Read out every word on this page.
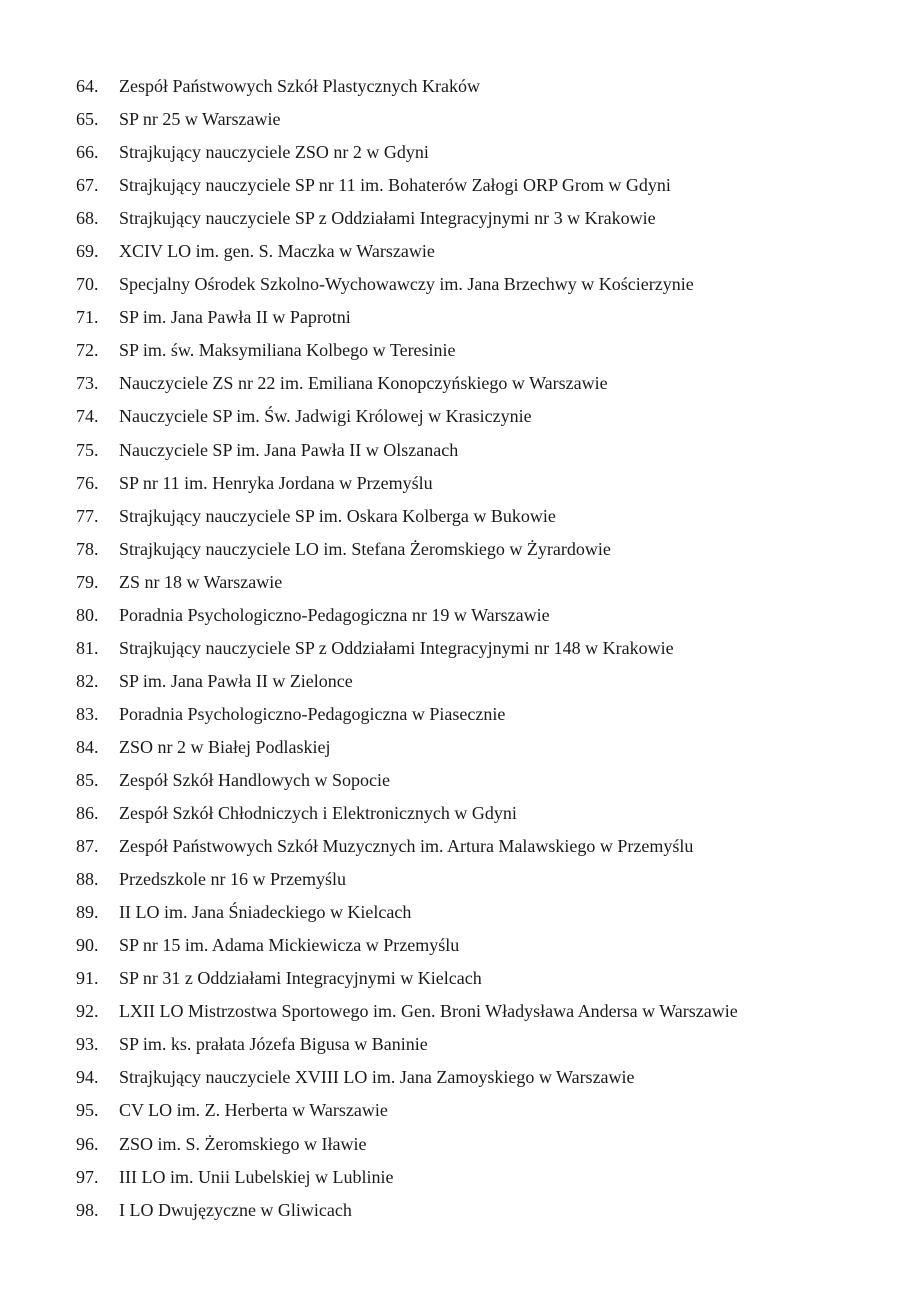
64. Zespół Państwowych Szkół Plastycznych Kraków
65. SP nr 25 w Warszawie
66. Strajkujący nauczyciele ZSO nr 2 w Gdyni
67. Strajkujący nauczyciele SP nr 11 im. Bohaterów Załogi ORP Grom w Gdyni
68. Strajkujący nauczyciele SP z Oddziałami Integracyjnymi nr 3 w Krakowie
69. XCIV LO im. gen. S. Maczka w Warszawie
70. Specjalny Ośrodek Szkolno-Wychowawczy im. Jana Brzechwy w Kościerzynie
71. SP im. Jana Pawła II w Paprotni
72. SP im. św. Maksymiliana Kolbego w Teresinie
73. Nauczyciele ZS nr 22 im. Emiliana Konopczyńskiego w Warszawie
74. Nauczyciele SP im. Św. Jadwigi Królowej w Krasiczynie
75. Nauczyciele SP im. Jana Pawła II w Olszanach
76. SP nr 11 im. Henryka Jordana w Przemyślu
77. Strajkujący nauczyciele SP im. Oskara Kolberga w Bukowie
78. Strajkujący nauczyciele LO im. Stefana Żeromskiego w Żyrardowie
79. ZS nr 18 w Warszawie
80. Poradnia Psychologiczno-Pedagogiczna nr 19 w Warszawie
81. Strajkujący nauczyciele SP z Oddziałami Integracyjnymi nr 148 w Krakowie
82. SP im. Jana Pawła II w Zielonce
83. Poradnia Psychologiczno-Pedagogiczna w Piasecznie
84. ZSO nr 2 w Białej Podlaskiej
85. Zespół Szkół Handlowych w Sopocie
86. Zespół Szkół Chłodniczych i Elektronicznych w Gdyni
87. Zespół Państwowych Szkół Muzycznych im. Artura Malawskiego w Przemyślu
88. Przedszkole nr 16 w Przemyślu
89. II LO im. Jana Śniadeckiego w Kielcach
90. SP nr 15 im. Adama Mickiewicza w Przemyślu
91. SP nr 31 z Oddziałami Integracyjnymi w Kielcach
92. LXII LO Mistrzostwa Sportowego im. Gen. Broni Władysława Andersa w Warszawie
93. SP im. ks. prałata Józefa Bigusa w Baninie
94. Strajkujący nauczyciele XVIII LO im. Jana Zamoyskiego w Warszawie
95. CV LO im. Z. Herberta w Warszawie
96. ZSO im. S. Żeromskiego w Iławie
97. III LO im. Unii Lubelskiej w Lublinie
98. I LO Dwujęzyczne w Gliwicach
